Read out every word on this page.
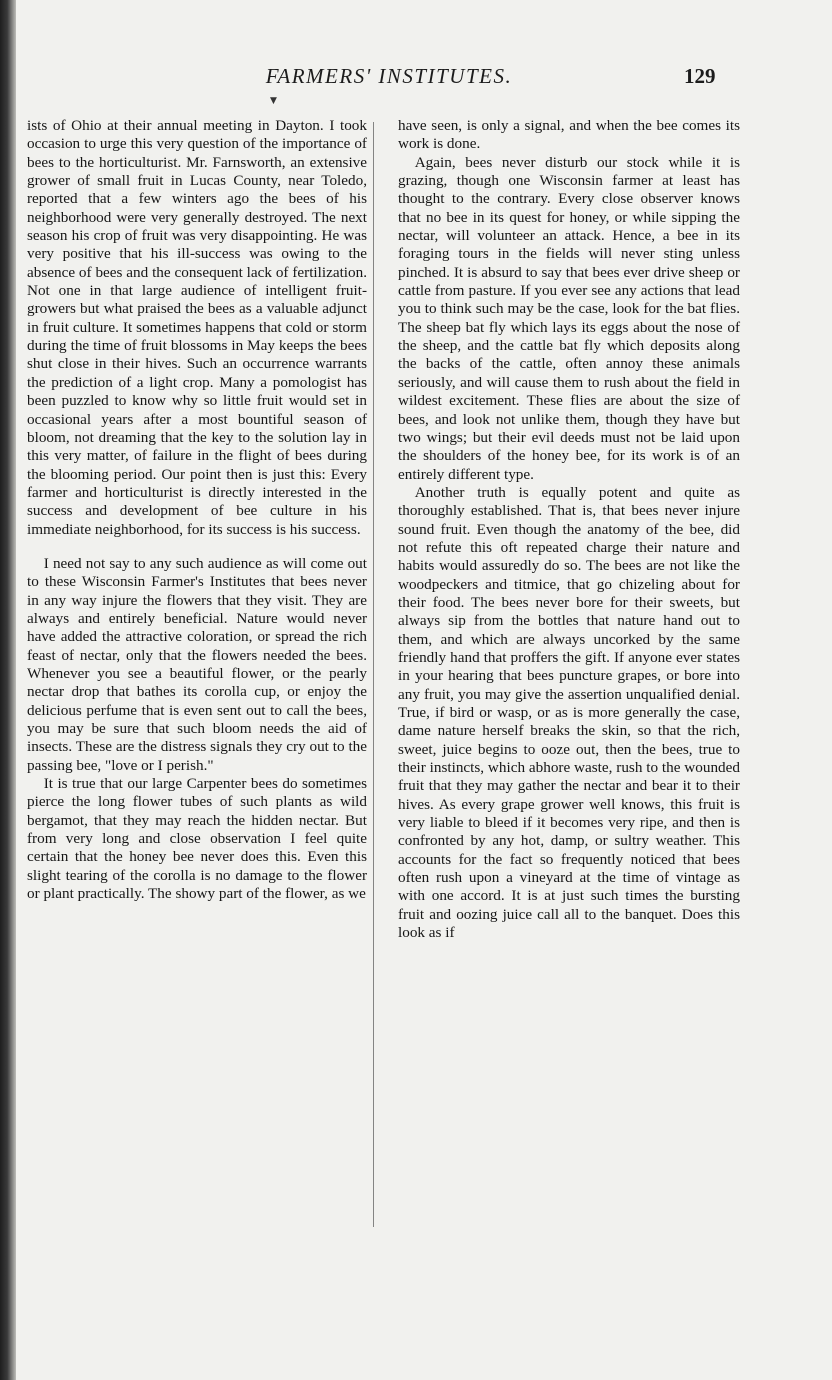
FARMERS' INSTITUTES.	129
▼

ists of Ohio at their annual meeting in Dayton. I took occasion to urge this very question of the importance of bees to the horticulturist. Mr. Farnsworth, an extensive grower of small fruit in Lucas County, near Toledo, reported that a few winters ago the bees of his neighborhood were very generally destroyed. The next season his crop of fruit was very disappointing. He was very positive that his ill-success was owing to the absence of bees and the consequent lack of fertilization. Not one in that large audience of intelligent fruit-growers but what praised the bees as a valuable adjunct in fruit culture. It sometimes happens that cold or storm during the time of fruit blossoms in May keeps the bees shut close in their hives. Such an occurrence warrants the prediction of a light crop. Many a pomologist has been puzzled to know why so little fruit would set in occasional years after a most bountiful season of bloom, not dreaming that the key to the solution lay in this very matter, of failure in the flight of bees during the blooming period. Our point then is just this: Every farmer and horticulturist is directly interested in the success and development of bee culture in his immediate neighborhood, for its success is his success.

I need not say to any such audience as will come out to these Wisconsin Farmer's Institutes that bees never in any way injure the flowers that they visit. They are always and entirely beneficial. Nature would never have added the attractive coloration, or spread the rich feast of nectar, only that the flowers needed the bees. Whenever you see a beautiful flower, or the pearly nectar drop that bathes its corolla cup, or enjoy the delicious perfume that is even sent out to call the bees, you may be sure that such bloom needs the aid of insects. These are the distress signals they cry out to the passing bee, "love or I perish."

It is true that our large Carpenter bees do sometimes pierce the long flower tubes of such plants as wild bergamot, that they may reach the hidden nectar. But from very long and close observation I feel quite certain that the honey bee never does this. Even this slight tearing of the corolla is no damage to the flower or plant practically. The showy part of the flower, as we

have seen, is only a signal, and when the bee comes its work is done.

Again, bees never disturb our stock while it is grazing, though one Wisconsin farmer at least has thought to the contrary. Every close observer knows that no bee in its quest for honey, or while sipping the nectar, will volunteer an attack. Hence, a bee in its foraging tours in the fields will never sting unless pinched. It is absurd to say that bees ever drive sheep or cattle from pasture. If you ever see any actions that lead you to think such may be the case, look for the bat flies. The sheep bat fly which lays its eggs about the nose of the sheep, and the cattle bat fly which deposits along the backs of the cattle, often annoy these animals seriously, and will cause them to rush about the field in wildest excitement. These flies are about the size of bees, and look not unlike them, though they have but two wings; but their evil deeds must not be laid upon the shoulders of the honey bee, for its work is of an entirely different type.

Another truth is equally potent and quite as thoroughly established. That is, that bees never injure sound fruit. Even though the anatomy of the bee, did not refute this oft repeated charge their nature and habits would assuredly do so. The bees are not like the woodpeckers and titmice, that go chizeling about for their food. The bees never bore for their sweets, but always sip from the bottles that nature hand out to them, and which are always uncorked by the same friendly hand that proffers the gift. If anyone ever states in your hearing that bees puncture grapes, or bore into any fruit, you may give the assertion unqualified denial. True, if bird or wasp, or as is more generally the case, dame nature herself breaks the skin, so that the rich, sweet, juice begins to ooze out, then the bees, true to their instincts, which abhore waste, rush to the wounded fruit that they may gather the nectar and bear it to their hives. As every grape grower well knows, this fruit is very liable to bleed if it becomes very ripe, and then is confronted by any hot, damp, or sultry weather. This accounts for the fact so frequently noticed that bees often rush upon a vineyard at the time of vintage as with one accord. It is at just such times the bursting fruit and oozing juice call all to the banquet. Does this look as if
